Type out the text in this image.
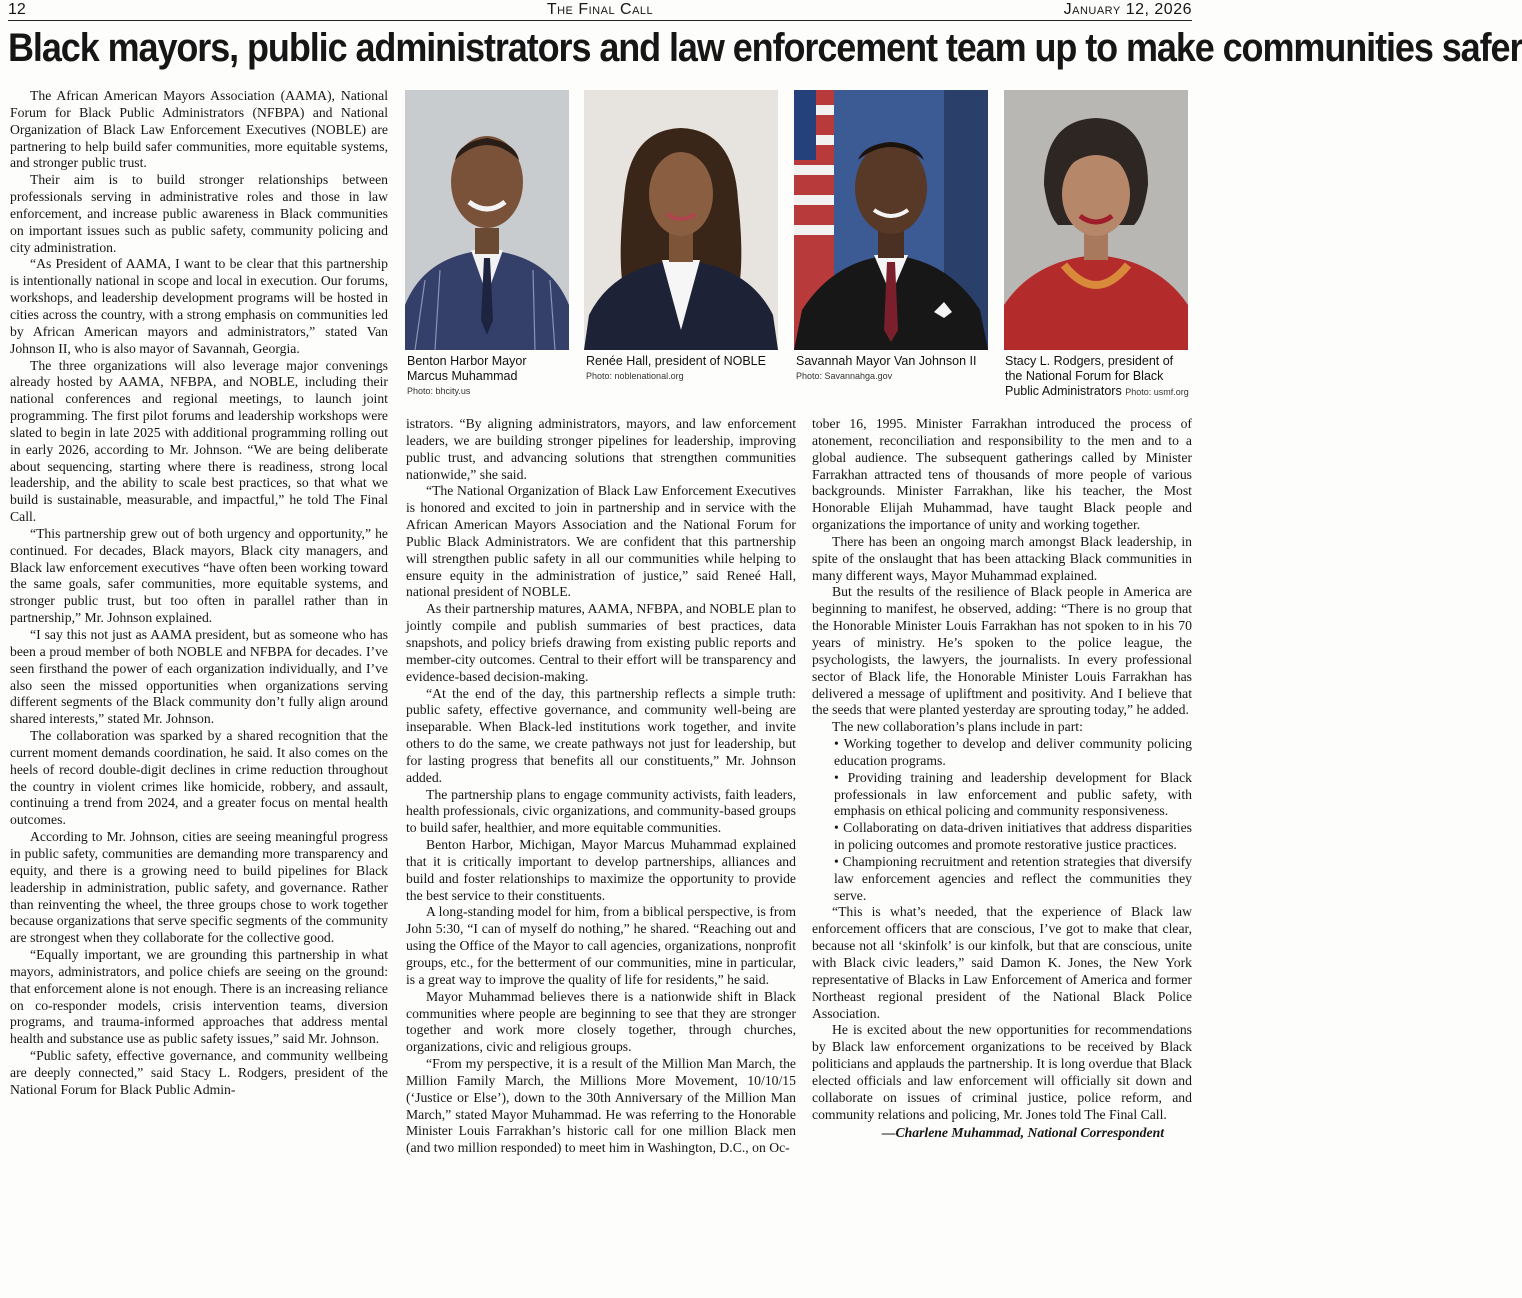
12	The Final Call	January 12, 2026
Black mayors, public administrators and law enforcement team up to make communities safer
Benton Harbor Mayor
Marcus Muhammad
Photo: bhcity.us
Renée Hall, president of NOBLE
Photo: noblenational.org
Savannah Mayor Van Johnson II
Photo: Savannahga.gov
Stacy L. Rodgers, president of
the National Forum for Black
Public Administrators Photo: usmf.org

The African American Mayors Association (AAMA), National Forum for Black Public Administrators (NFBPA) and National Organization of Black Law Enforcement Executives (NOBLE) are partnering to help build safer communities, more equitable systems, and stronger public trust.

Their aim is to build stronger relationships between professionals serving in administrative roles and those in law enforcement, and increase public awareness in Black communities on important issues such as public safety, community policing and city administration.

“As President of AAMA, I want to be clear that this partnership is intentionally national in scope and local in execution. Our forums, workshops, and leadership development programs will be hosted in cities across the country, with a strong emphasis on communities led by African American mayors and administrators,” stated Van Johnson II, who is also mayor of Savannah, Georgia.

The three organizations will also leverage major convenings already hosted by AAMA, NFBPA, and NOBLE, including their national conferences and regional meetings, to launch joint programming. The first pilot forums and leadership workshops were slated to begin in late 2025 with additional programming rolling out in early 2026, according to Mr. Johnson. “We are being deliberate about sequencing, starting where there is readiness, strong local leadership, and the ability to scale best practices, so that what we build is sustainable, measurable, and impactful,” he told The Final Call.

“This partnership grew out of both urgency and opportunity,” he continued. For decades, Black mayors, Black city managers, and Black law enforcement executives “have often been working toward the same goals, safer communities, more equitable systems, and stronger public trust, but too often in parallel rather than in partnership,” Mr. Johnson explained.

“I say this not just as AAMA president, but as someone who has been a proud member of both NOBLE and NFBPA for decades. I’ve seen firsthand the power of each organization individually, and I’ve also seen the missed opportunities when organizations serving different segments of the Black community don’t fully align around shared interests,” stated Mr. Johnson.

The collaboration was sparked by a shared recognition that the current moment demands coordination, he said. It also comes on the heels of record double-digit declines in crime reduction throughout the country in violent crimes like homicide, robbery, and assault, continuing a trend from 2024, and a greater focus on mental health outcomes.

According to Mr. Johnson, cities are seeing meaningful progress in public safety, communities are demanding more transparency and equity, and there is a growing need to build pipelines for Black leadership in administration, public safety, and governance. Rather than reinventing the wheel, the three groups chose to work together because organizations that serve specific segments of the community are strongest when they collaborate for the collective good.

“Equally important, we are grounding this partnership in what mayors, administrators, and police chiefs are seeing on the ground: that enforcement alone is not enough. There is an increasing reliance on co-responder models, crisis intervention teams, diversion programs, and trauma-informed approaches that address mental health and substance use as public safety issues,” said Mr. Johnson.

“Public safety, effective governance, and community wellbeing are deeply connected,” said Stacy L. Rodgers, president of the National Forum for Black Public Admin-

istrators. “By aligning administrators, mayors, and law enforcement leaders, we are building stronger pipelines for leadership, improving public trust, and advancing solutions that strengthen communities nationwide,” she said.

“The National Organization of Black Law Enforcement Executives is honored and excited to join in partnership and in service with the African American Mayors Association and the National Forum for Public Black Administrators. We are confident that this partnership will strengthen public safety in all our communities while helping to ensure equity in the administration of justice,” said Reneé Hall, national president of NOBLE.

As their partnership matures, AAMA, NFBPA, and NOBLE plan to jointly compile and publish summaries of best practices, data snapshots, and policy briefs drawing from existing public reports and member-city outcomes. Central to their effort will be transparency and evidence-based decision-making.

“At the end of the day, this partnership reflects a simple truth: public safety, effective governance, and community well-being are inseparable. When Black-led institutions work together, and invite others to do the same, we create pathways not just for leadership, but for lasting progress that benefits all our constituents,” Mr. Johnson added.

The partnership plans to engage community activists, faith leaders, health professionals, civic organizations, and community-based groups to build safer, healthier, and more equitable communities.

Benton Harbor, Michigan, Mayor Marcus Muhammad explained that it is critically important to develop partnerships, alliances and build and foster relationships to maximize the opportunity to provide the best service to their constituents.

A long-standing model for him, from a biblical perspective, is from John 5:30, “I can of myself do nothing,” he shared. “Reaching out and using the Office of the Mayor to call agencies, organizations, nonprofit groups, etc., for the betterment of our communities, mine in particular, is a great way to improve the quality of life for residents,” he said.

Mayor Muhammad believes there is a nationwide shift in Black communities where people are beginning to see that they are stronger together and work more closely together, through churches, organizations, civic and religious groups.

“From my perspective, it is a result of the Million Man March, the Million Family March, the Millions More Movement, 10/10/15 (‘Justice or Else’), down to the 30th Anniversary of the Million Man March,” stated Mayor Muhammad. He was referring to the Honorable Minister Louis Farrakhan’s historic call for one million Black men (and two million responded) to meet him in Washington, D.C., on Oc-

tober 16, 1995. Minister Farrakhan introduced the process of atonement, reconciliation and responsibility to the men and to a global audience. The subsequent gatherings called by Minister Farrakhan attracted tens of thousands of more people of various backgrounds. Minister Farrakhan, like his teacher, the Most Honorable Elijah Muhammad, have taught Black people and organizations the importance of unity and working together.

There has been an ongoing march amongst Black leadership, in spite of the onslaught that has been attacking Black communities in many different ways, Mayor Muhammad explained.

But the results of the resilience of Black people in America are beginning to manifest, he observed, adding: “There is no group that the Honorable Minister Louis Farrakhan has not spoken to in his 70 years of ministry. He’s spoken to the police league, the psychologists, the lawyers, the journalists. In every professional sector of Black life, the Honorable Minister Louis Farrakhan has delivered a message of upliftment and positivity. And I believe that the seeds that were planted yesterday are sprouting today,” he added.

The new collaboration’s plans include in part:

• Working together to develop and deliver community policing education programs.

• Providing training and leadership development for Black professionals in law enforcement and public safety, with emphasis on ethical policing and community responsiveness.

• Collaborating on data-driven initiatives that address disparities in policing outcomes and promote restorative justice practices.

• Championing recruitment and retention strategies that diversify law enforcement agencies and reflect the communities they serve.

“This is what’s needed, that the experience of Black law enforcement officers that are conscious, I’ve got to make that clear, because not all ‘skinfolk’ is our kinfolk, but that are conscious, unite with Black civic leaders,” said Damon K. Jones, the New York representative of Blacks in Law Enforcement of America and former Northeast regional president of the National Black Police Association.

He is excited about the new opportunities for recommendations by Black law enforcement organizations to be received by Black politicians and applauds the partnership. It is long overdue that Black elected officials and law enforcement will officially sit down and collaborate on issues of criminal justice, police reform, and community relations and policing, Mr. Jones told The Final Call.

—Charlene Muhammad, National Correspondent
